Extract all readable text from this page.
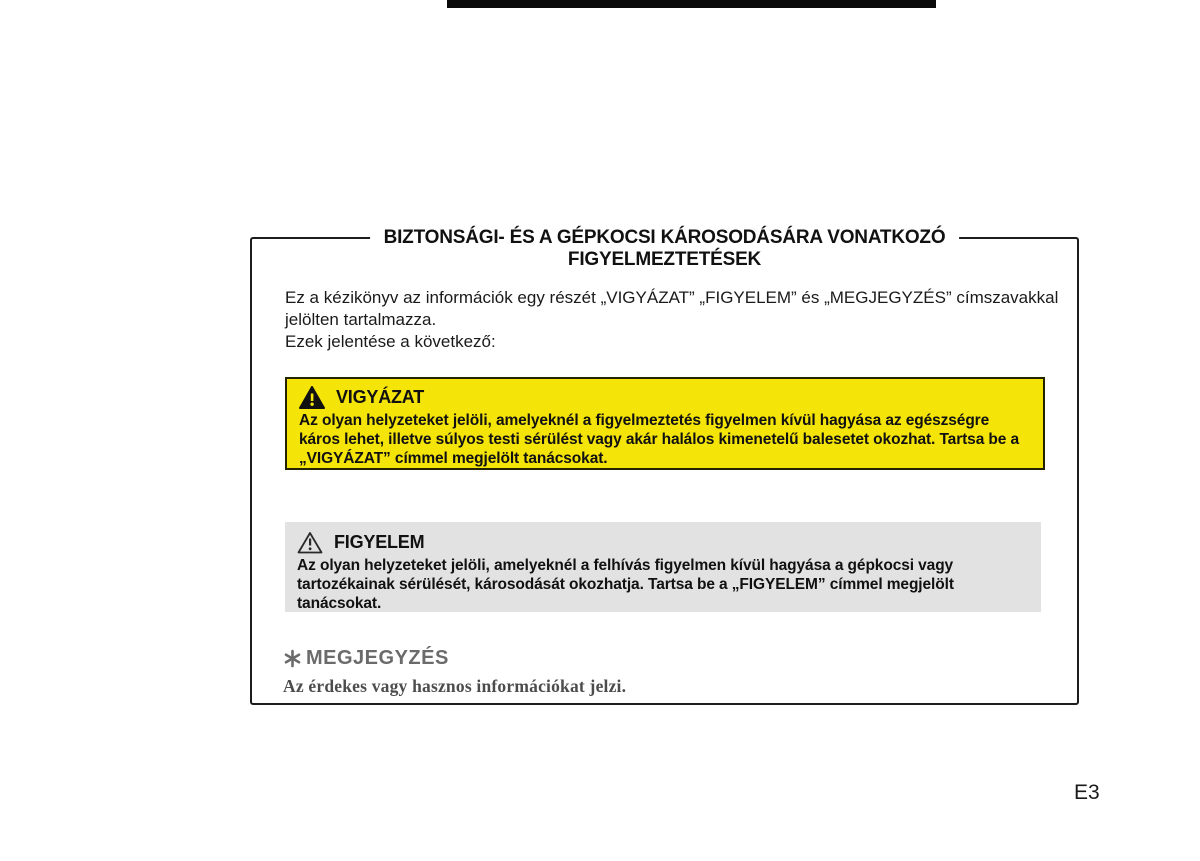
BIZTONSÁGI- ÉS A GÉPKOCSI KÁROSODÁSÁRA VONATKOZÓ
FIGYELMEZTETÉSEK
Ez a kézikönyv az információk egy részét „VIGYÁZAT” „FIGYELEM” és „MEGJEGYZÉS” címszavakkal jelölten tartalmazza.
Ezek jelentése a következő:
VIGYÁZAT
Az olyan helyzeteket jelöli, amelyeknél a figyelmeztetés figyelmen kívül hagyása az egészségre káros lehet, illetve súlyos testi sérülést vagy akár halálos kimenetelű balesetet okozhat. Tartsa be a „VIGYÁZAT” címmel megjelölt tanácsokat.
FIGYELEM
Az olyan helyzeteket jelöli, amelyeknél a felhívás figyelmen kívül hagyása a gépkocsi vagy tartozékainak sérülését, károsodását okozhatja. Tartsa be a „FIGYELEM” címmel megjelölt tanácsokat.
MEGJEGYZÉS
Az érdekes vagy hasznos információkat jelzi.
E3
